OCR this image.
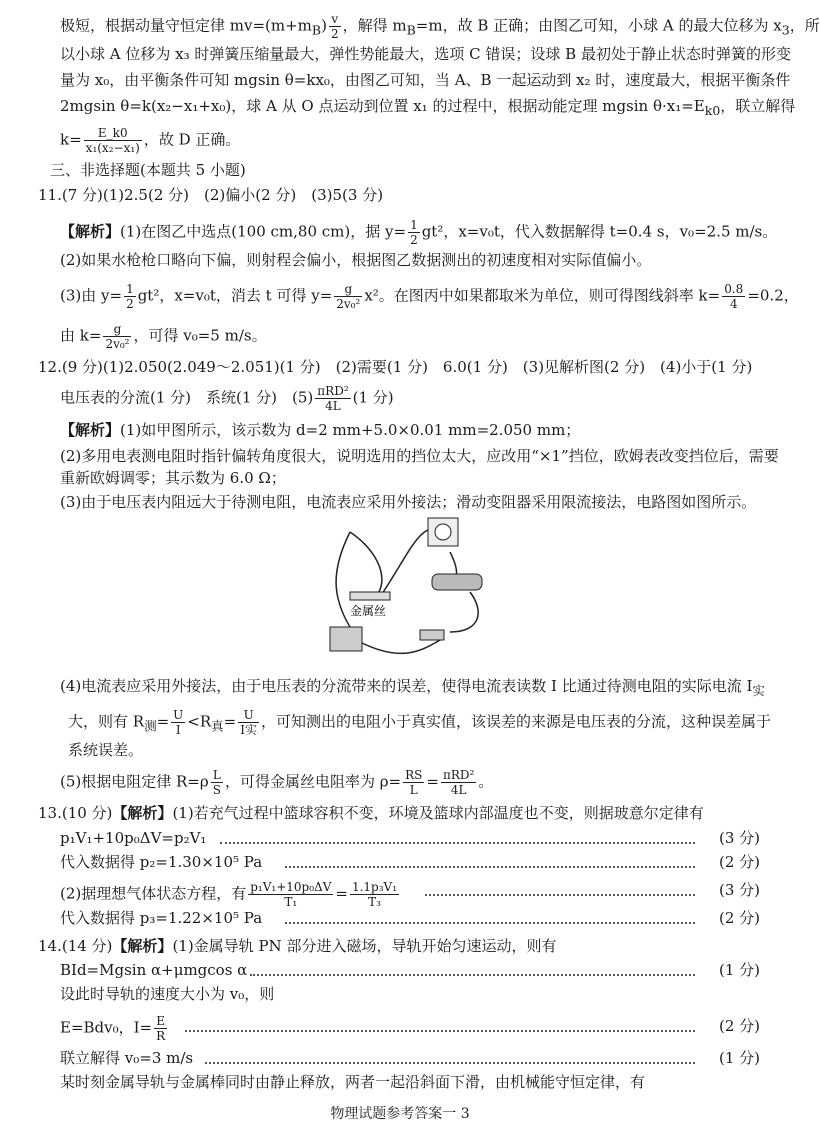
极短，根据动量守恒定律 $mv=(m+m_B) \frac{v}{2}$ ，解得 $m_B=m$，故 B 正确；由图乙可知，小球 A 的最大位移为 $x_3$，所
以小球 A 位移为 x₃ 时弹簧压缩量最大，弹性势能最大，选项 C 错误；设球 B 最初处于静止状态时弹簧的形变
量为 x₀，由平衡条件可知 mgsin θ=kx₀，由图乙可知，当 A、B 一起运动到 x₂ 时，速度最大，根据平衡条件
2mgsin θ=k(x₂−x₁+x₀)，球 A 从 O 点运动到位置 x₁ 的过程中，根据动能定理 mgsin $\theta\cdot x_1=E_{k0}$，联立解得
$k= \frac{E\_k0}{\text{x₁(x₂−x₁)}}$ ，故 D 正确。
三、非选择题(本题共 5 小题)
11.(7 分)(1)2.5(2 分)　(2)偏小(2 分)　(3)5(3 分)
【解析】(1)在图乙中选点(100 cm,80 cm)，据 $y= \frac{1}{2} gt^2$，x=v₀t，代入数据解得 t=0.4 s，v₀=2.5 m/s。
(2)如果水枪枪口略向下偏，则射程会偏小，根据图乙数据测出的初速度相对实际值偏小。
(3)由 $y= \frac{1}{2} gt^2$，x=v₀t，消去 t 可得 $y= \frac{g}{\text{2v₀²}} x^2$。在图丙中如果都取米为单位，则可得图线斜率 $k= \frac{0.8}{4} =0.2$，
由 $k= \frac{g}{\text{2v₀²}}$ ，可得 v₀=5 m/s。
12.(9 分)(1)2.050(2.049～2.051)(1 分)　(2)需要(1 分)　6.0(1 分)　(3)见解析图(2 分)　(4)小于(1 分)
电压表的分流(1 分)　系统(1 分)　$(5) \frac{\text{πRD²}}{4L} (1$ 分)
【解析】(1)如甲图所示，该示数为 d=2 mm+5.0×0.01 mm=2.050 mm；
(2)多用电表测电阻时指针偏转角度很大，说明选用的挡位太大，应改用“×1”挡位，欧姆表改变挡位后，需要
重新欧姆调零；其示数为 6.0 Ω；
(3)由于电压表内阻远大于待测电阻，电流表应采用外接法；滑动变阻器采用限流接法，电路图如图所示。
金属丝
(4)电流表应采用外接法，由于电压表的分流带来的误差，使得电流表读数 I 比通过待测电阻的实际电流 $I_实$
大，则有 $R_测= \frac{U}{I} <R_真= \frac{U}{\text{I实}}$ ，可知测出的电阻小于真实值，该误差的来源是电压表的分流，这种误差属于
系统误差。
(5)根据电阻定律 $R=\rho \frac{L}{S}$ ，可得金属丝电阻率为 $\rho= \frac{RS}{L} = \frac{\text{πRD²}}{4L}$ 。
13.(10 分)【解析】(1)若充气过程中篮球容积不变，环境及篮球内部温度也不变，则据玻意尔定律有
p₁V₁+10p₀ΔV=p₂V₁	(3 分)
代入数据得 p₂=1.30×10⁵ Pa	(2 分)
(2)据理想气体状态方程，有 $\frac{\text{p₁V₁+10p₀ΔV}}{\text{T₁}} = \frac{\text{1.1p₃V₁}}{\text{T₃}}$	(3 分)
代入数据得 p₃=1.22×10⁵ Pa	(2 分)
14.(14 分)【解析】(1)金属导轨 PN 部分进入磁场，导轨开始匀速运动，则有
BId=Mgsin α+μmgcos α	(1 分)
设此时导轨的速度大小为 v₀，则
E=Bdv₀，$I= \frac{E}{R}$	(2 分)
联立解得 v₀=3 m/s	(1 分)
某时刻金属导轨与金属棒同时由静止释放，两者一起沿斜面下滑，由机械能守恒定律，有
物理试题参考答案一 3
